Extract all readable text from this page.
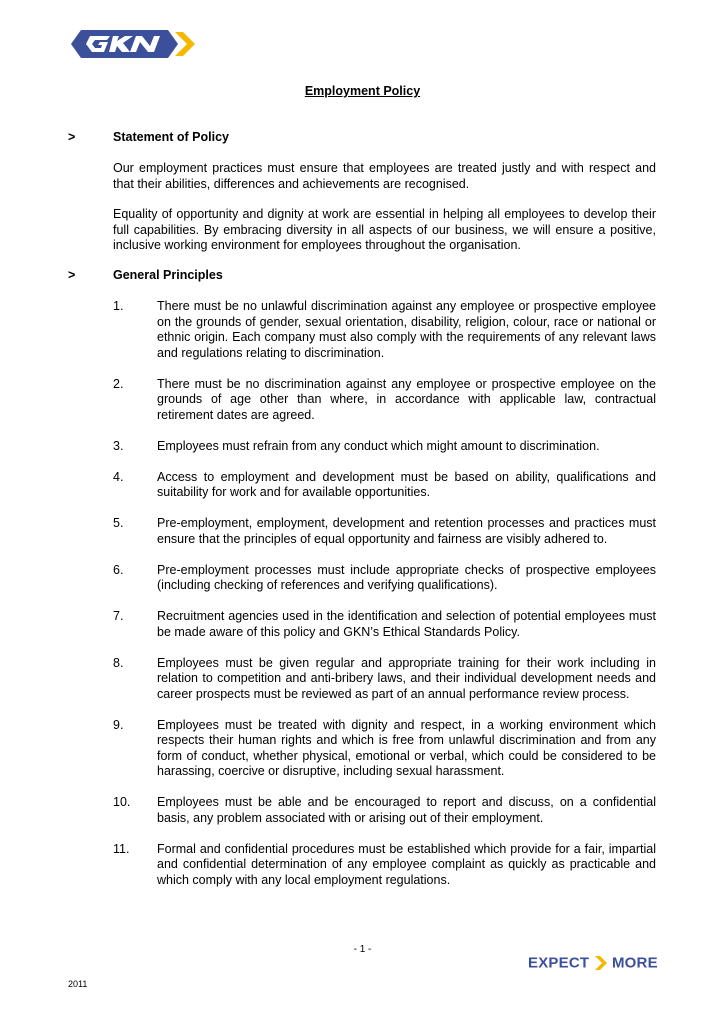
Employment Policy
>	Statement of Policy

Our employment practices must ensure that employees are treated justly and with respect and that their abilities, differences and achievements are recognised.

Equality of opportunity and dignity at work are essential in helping all employees to develop their full capabilities. By embracing diversity in all aspects of our business, we will ensure a positive, inclusive working environment for employees throughout the organisation.

>	General Principles
1.	There must be no unlawful discrimination against any employee or prospective employee on the grounds of gender, sexual orientation, disability, religion, colour, race or national or ethnic origin. Each company must also comply with the requirements of any relevant laws and regulations relating to discrimination.
2.	There must be no discrimination against any employee or prospective employee on the grounds of age other than where, in accordance with applicable law, contractual retirement dates are agreed.
3.	Employees must refrain from any conduct which might amount to discrimination.
4.	Access to employment and development must be based on ability, qualifications and suitability for work and for available opportunities.
5.	Pre-employment, employment, development and retention processes and practices must ensure that the principles of equal opportunity and fairness are visibly adhered to.
6.	Pre-employment processes must include appropriate checks of prospective employees (including checking of references and verifying qualifications).
7.	Recruitment agencies used in the identification and selection of potential employees must be made aware of this policy and GKN’s Ethical Standards Policy.
8.	Employees must be given regular and appropriate training for their work including in relation to competition and anti-bribery laws, and their individual development needs and career prospects must be reviewed as part of an annual performance review process.
9.	Employees must be treated with dignity and respect, in a working environment which respects their human rights and which is free from unlawful discrimination and from any form of conduct, whether physical, emotional or verbal, which could be considered to be harassing, coercive or disruptive, including sexual harassment.
10.	Employees must be able and be encouraged to report and discuss, on a confidential basis, any problem associated with or arising out of their employment.
11.	Formal and confidential procedures must be established which provide for a fair, impartial and confidential determination of any employee complaint as quickly as practicable and which comply with any local employment regulations.
- 1 -
EXPECT MORE
2011
